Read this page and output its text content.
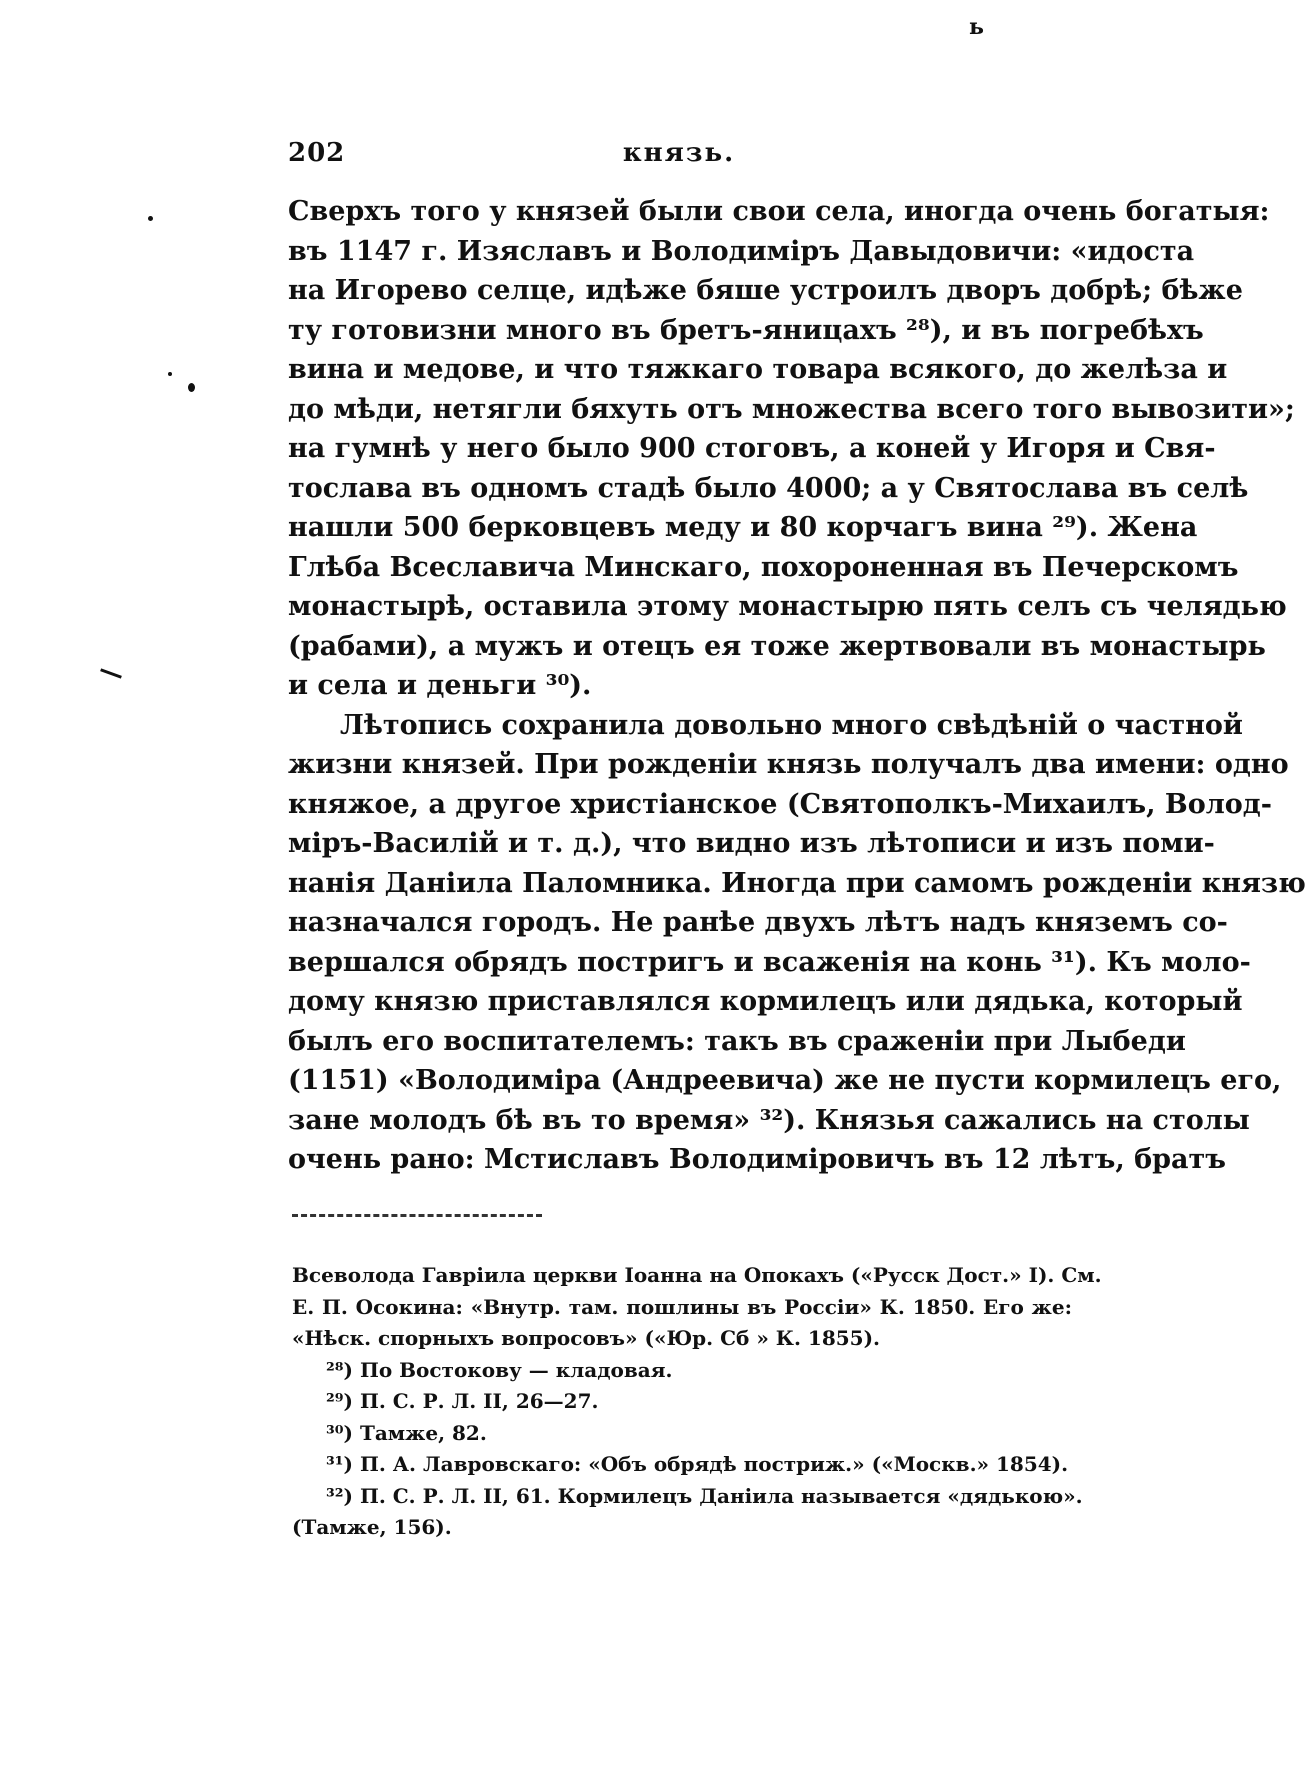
ь
202	князь.
Сверхъ того у князей были свои села, иногда очень богатыя:
въ 1147 г. Изяславъ и Володимiръ Давыдовичи: «идоста
на Игорево селце, идѣже бяше устроилъ дворъ добрѣ; бѣже
ту готовизни много въ бретъ-яницахъ ²⁸), и въ погребѣхъ
вина и медове, и что тяжкаго товара всякого, до желѣза и
до мѣди, нетягли бяхуть отъ множества всего того вывозити»;
на гумнѣ у него было 900 стоговъ, а коней у Игоря и Свя-
тослава въ одномъ стадѣ было 4000; а у Святослава въ селѣ
нашли 500 берковцевъ меду и 80 корчагъ вина ²⁹). Жена
Глѣба Всеславича Минскаго, похороненная въ Печерскомъ
монастырѣ, оставила этому монастырю пять селъ съ челядью
(рабами), а мужъ и отецъ ея тоже жертвовали въ монастырь
и села и деньги ³⁰).
Лѣтопись сохранила довольно много свѣдѣнiй о частной
жизни князей. При рожденiи князь получалъ два имени: одно
княжое, а другое христiанское (Святополкъ-Михаилъ, Волод-
мiръ-Василiй и т. д.), что видно изъ лѣтописи и изъ поми-
нанiя Данiила Паломника. Иногда при самомъ рожденiи князю
назначался городъ. Не ранѣе двухъ лѣтъ надъ княземъ со-
вершался обрядъ постригъ и всаженiя на конь ³¹). Къ моло-
дому князю приставлялся кормилецъ или дядька, который
былъ его воспитателемъ: такъ въ сраженiи при Лыбеди
(1151) «Володимiра (Андреевича) же не пусти кормилецъ его,
зане молодъ бѣ въ то время» ³²). Князья сажались на столы
очень рано: Мстиславъ Володимiровичъ въ 12 лѣтъ, братъ
Всеволода Гаврiила церкви Іоанна на Опокахъ («Русск Дост.» I). См.
Е. П. Осокина: «Внутр. там. пошлины въ Россiи» К. 1850. Его же:
«Нѣск. спорныхъ вопросовъ» («Юр. Сб » К. 1855).
²⁸) По Востокову — кладовая.
²⁹) П. С. Р. Л. II, 26—27.
³⁰) Тамже, 82.
³¹) П. А. Лавровскаго: «Объ обрядѣ постриж.» («Москв.» 1854).
³²) П. С. Р. Л. II, 61. Кормилецъ Данiила называется «дядькою».
(Тамже, 156).
